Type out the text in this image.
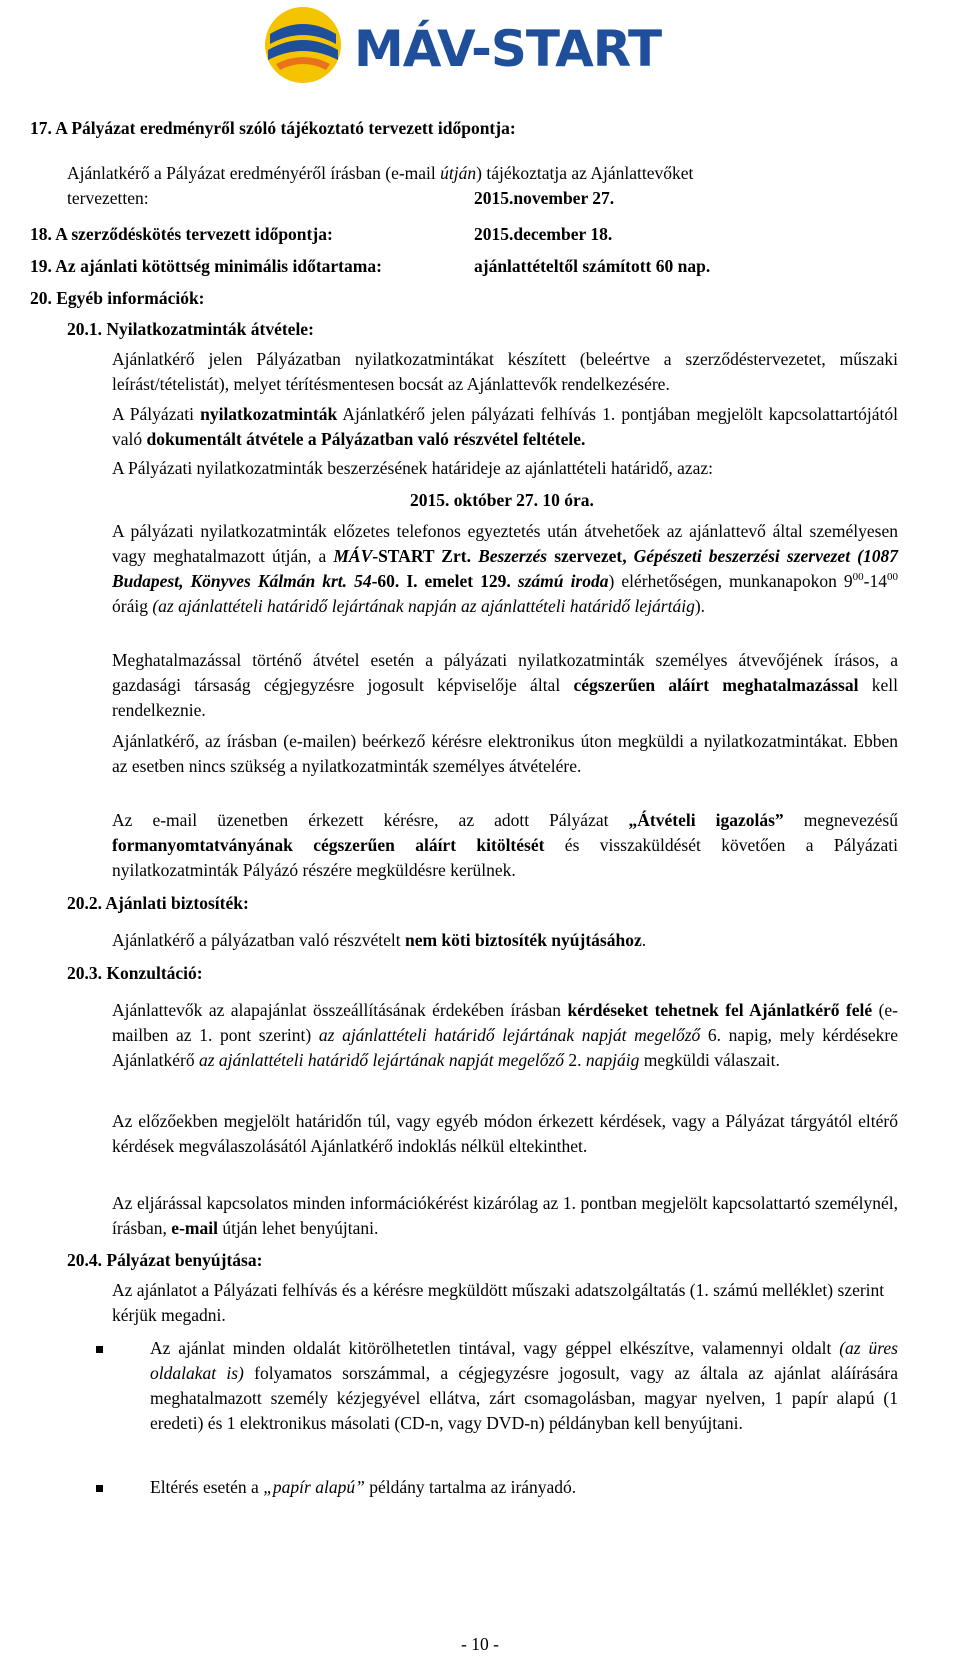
MÁV-START
17. A Pályázat eredményről szóló tájékoztató tervezett időpontja:
Ajánlatkérő a Pályázat eredményéről írásban (e-mail útján) tájékoztatja az Ajánlattevőket
tervezetten:	2015.november 27.
18. A szerződéskötés tervezett időpontja:	2015.december 18.
19. Az ajánlati kötöttség minimális időtartama:	ajánlattételtől számított 60 nap.
20. Egyéb információk:
20.1. Nyilatkozatminták átvétele:
Ajánlatkérő jelen Pályázatban nyilatkozatmintákat készített (beleértve a szerződéstervezetet, műszaki leírást/tételistát), melyet térítésmentesen bocsát az Ajánlattevők rendelkezésére.
A Pályázati nyilatkozatminták Ajánlatkérő jelen pályázati felhívás 1. pontjában megjelölt kapcsolattartójától való dokumentált átvétele a Pályázatban való részvétel feltétele.
A Pályázati nyilatkozatminták beszerzésének határideje az ajánlattételi határidő, azaz:
2015. október 27. 10 óra.
A pályázati nyilatkozatminták előzetes telefonos egyeztetés után átvehetőek az ajánlattevő által személyesen vagy meghatalmazott útján, a MÁV-START Zrt. Beszerzés szervezet, Gépészeti beszerzési szervezet (1087 Budapest, Könyves Kálmán krt. 54-60. I. emelet 129. számú iroda) elérhetőségen, munkanapokon $9^{00}-14^{00}$ óráig (az ajánlattételi határidő lejártának napján az ajánlattételi határidő lejártáig).
Meghatalmazással történő átvétel esetén a pályázati nyilatkozatminták személyes átvevőjének írásos, a gazdasági társaság cégjegyzésre jogosult képviselője által cégszerűen aláírt meghatalmazással kell rendelkeznie.
Ajánlatkérő, az írásban (e-mailen) beérkező kérésre elektronikus úton megküldi a nyilatkozatmintákat. Ebben az esetben nincs szükség a nyilatkozatminták személyes átvételére.
Az e-mail üzenetben érkezett kérésre, az adott Pályázat „Átvételi igazolás” megnevezésű formanyomtatványának cégszerűen aláírt kitöltését és visszaküldését követően a Pályázati nyilatkozatminták Pályázó részére megküldésre kerülnek.
20.2. Ajánlati biztosíték:
Ajánlatkérő a pályázatban való részvételt nem köti biztosíték nyújtásához.
20.3. Konzultáció:
Ajánlattevők az alapajánlat összeállításának érdekében írásban kérdéseket tehetnek fel Ajánlatkérő felé (e-mailben az 1. pont szerint) az ajánlattételi határidő lejártának napját megelőző 6. napig, mely kérdésekre Ajánlatkérő az ajánlattételi határidő lejártának napját megelőző 2. napjáig megküldi válaszait.
Az előzőekben megjelölt határidőn túl, vagy egyéb módon érkezett kérdések, vagy a Pályázat tárgyától eltérő kérdések megválaszolásától Ajánlatkérő indoklás nélkül eltekinthet.
Az eljárással kapcsolatos minden információkérést kizárólag az 1. pontban megjelölt kapcsolattartó személynél, írásban, e-mail útján lehet benyújtani.
20.4. Pályázat benyújtása:
Az ajánlatot a Pályázati felhívás és a kérésre megküldött műszaki adatszolgáltatás (1. számú melléklet) szerint kérjük megadni.
Az ajánlat minden oldalát kitörölhetetlen tintával, vagy géppel elkészítve, valamennyi oldalt (az üres oldalakat is) folyamatos sorszámmal, a cégjegyzésre jogosult, vagy az általa az ajánlat aláírására meghatalmazott személy kézjegyével ellátva, zárt csomagolásban, magyar nyelven, 1 papír alapú (1 eredeti) és 1 elektronikus másolati (CD-n, vagy DVD-n) példányban kell benyújtani.
Eltérés esetén a „papír alapú” példány tartalma az irányadó.
- 10 -
